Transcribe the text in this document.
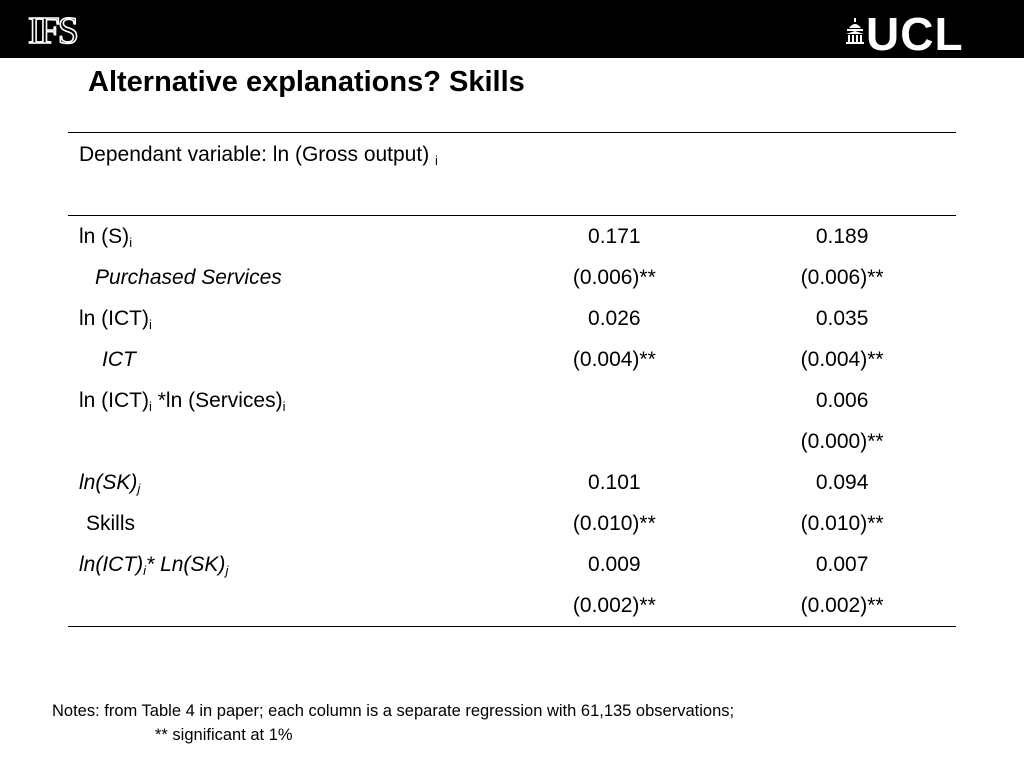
IFS	UCL
Alternative explanations? Skills
Dependant variable: ln (Gross output) $_i$		
$\ln (S)_i$	0.171	0.189
Purchased Services	(0.006)**	(0.006)**
$\ln (ICT)_i$	0.026	0.035
ICT	(0.004)**	(0.004)**
$\ln (ICT)_i$ *ln $(Services)_i$		0.006
		(0.000)**
$\ln(SK)_j$	0.101	0.094
Skills	(0.010)**	(0.010)**
$\ln(ICT)_i*$ $Ln(SK)_j$	0.009	0.007
	(0.002)**	(0.002)**
Notes: from Table 4 in paper; each column is a separate regression with 61,135 observations;
** significant at 1%
